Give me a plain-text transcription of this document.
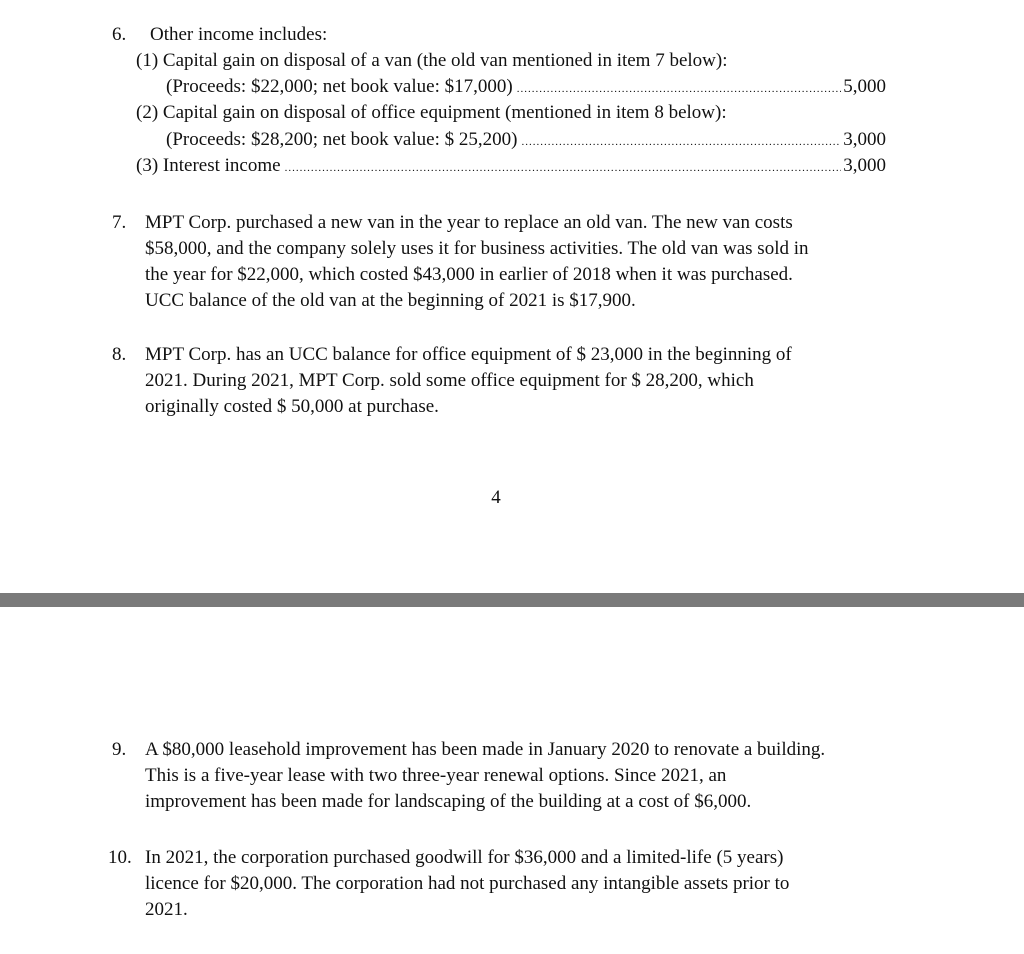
6. Other income includes:
(1) Capital gain on disposal of a van (the old van mentioned in item 7 below):
(Proceeds: $22,000; net book value: $17,000) .....	5,000
(2) Capital gain on disposal of office equipment (mentioned in item 8 below):
(Proceeds: $28,200; net book value: $ 25,200) .....	3,000
(3) Interest income .....	3,000
7. MPT Corp. purchased a new van in the year to replace an old van. The new van costs
$58,000, and the company solely uses it for business activities. The old van was sold in
the year for $22,000, which costed $43,000 in earlier of 2018 when it was purchased.
UCC balance of the old van at the beginning of 2021 is $17,900.
8. MPT Corp. has an UCC balance for office equipment of $ 23,000 in the beginning of
2021. During 2021, MPT Corp. sold some office equipment for $ 28,200, which
originally costed $ 50,000 at purchase.
4
9. A $80,000 leasehold improvement has been made in January 2020 to renovate a building.
This is a five-year lease with two three-year renewal options. Since 2021, an
improvement has been made for landscaping of the building at a cost of $6,000.
10. In 2021, the corporation purchased goodwill for $36,000 and a limited-life (5 years)
licence for $20,000. The corporation had not purchased any intangible assets prior to
2021.
